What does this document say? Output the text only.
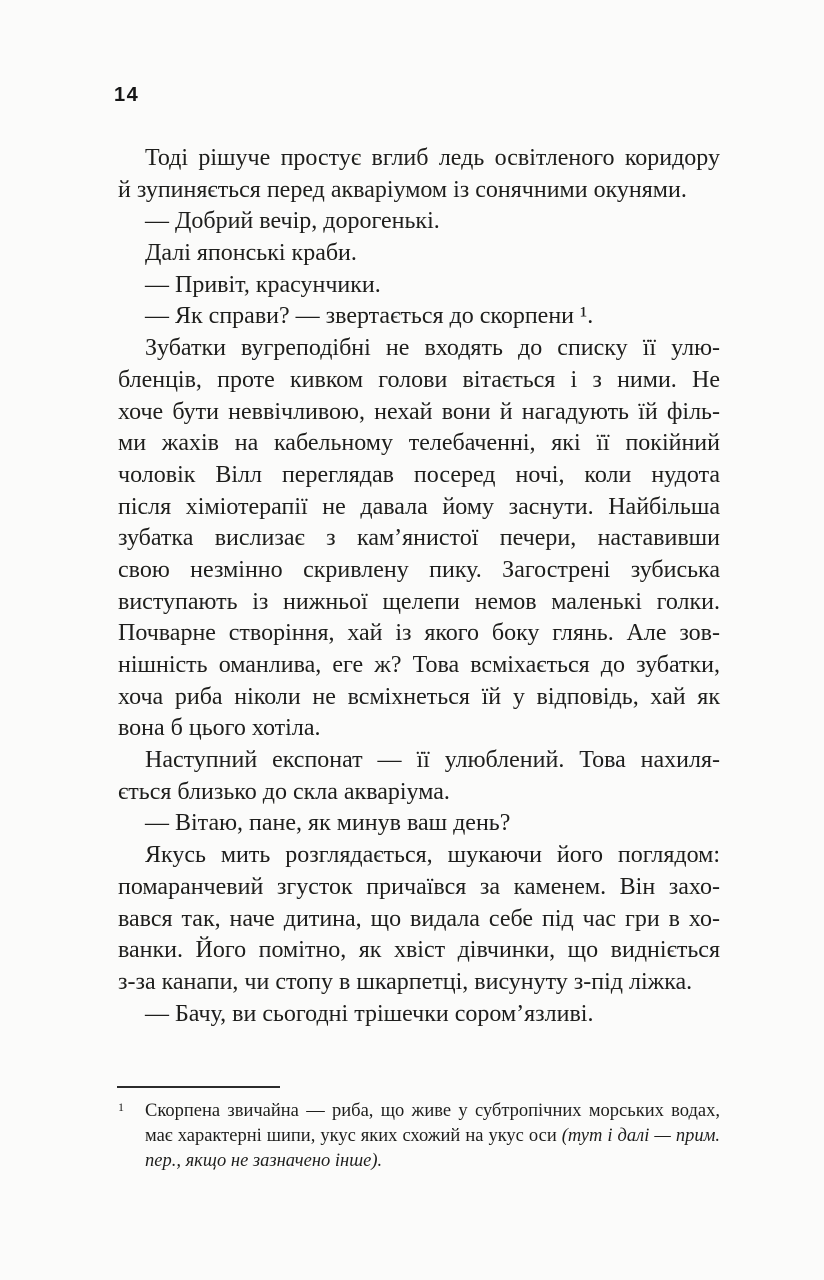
14
Тоді рішуче простує вглиб ледь освітленого коридору
й зупиняється перед акваріумом із сонячними окунями.
— Добрий вечір, дорогенькі.
Далі японські краби.
— Привіт, красунчики.
— Як справи? — звертається до скорпени ¹.
Зубатки вугреподібні не входять до списку її улю-
бленців, проте кивком голови вітається і з ними. Не
хоче бути неввічливою, нехай вони й нагадують їй філь-
ми жахів на кабельному телебаченні, які її покійний
чоловік Вілл переглядав посеред ночі, коли нудота
після хіміотерапії не давала йому заснути. Найбільша
зубатка вислизає з кам’янистої печери, наставивши
свою незмінно скривлену пику. Загострені зубиська
виступають із нижньої щелепи немов маленькі голки.
Почварне створіння, хай із якого боку глянь. Але зов-
нішність оманлива, еге ж? Това всміхається до зубатки,
хоча риба ніколи не всміхнеться їй у відповідь, хай як
вона б цього хотіла.
Наступний експонат — її улюблений. Това нахиля-
ється близько до скла акваріума.
— Вітаю, пане, як минув ваш день?
Якусь мить розглядається, шукаючи його поглядом:
помаранчевий згусток причаївся за каменем. Він захо-
вався так, наче дитина, що видала себе під час гри в хо-
ванки. Його помітно, як хвіст дівчинки, що видніється
з-за канапи, чи стопу в шкарпетці, висунуту з-під ліжка.
— Бачу, ви сьогодні трішечки сором’язливі.
1 Скорпена звичайна — риба, що живе у субтропічних морських водах,
має характерні шипи, укус яких схожий на укус оси (тут і далі — прим.
пер., якщо не зазначено інше).
